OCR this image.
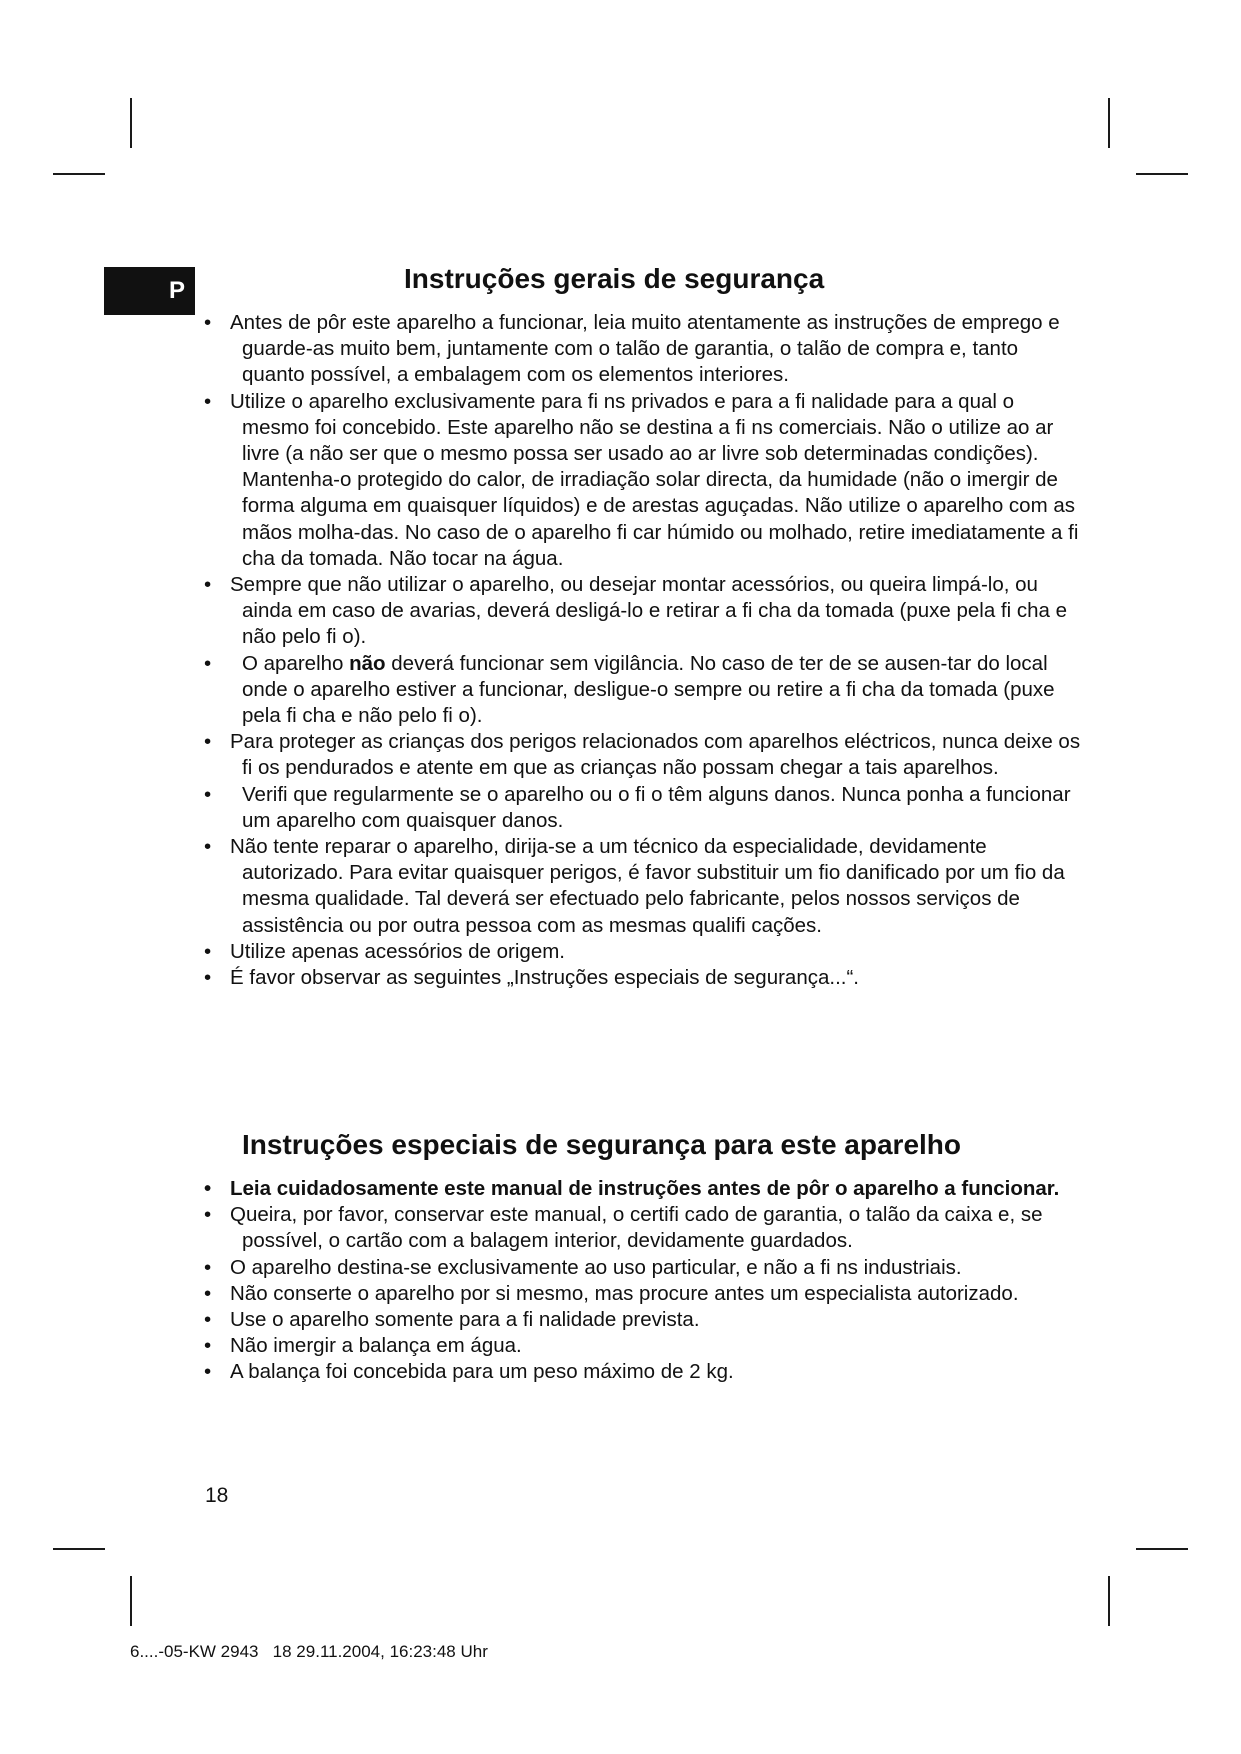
P	Instruções gerais de segurança
• Antes de pôr este aparelho a funcionar, leia muito atentamente as instruções de emprego e guarde-as muito bem, juntamente com o talão de garantia, o talão de compra e, tanto quanto possível, a embalagem com os elementos interiores.
• Utilize o aparelho exclusivamente para fi ns privados e para a fi nalidade para a qual o mesmo foi concebido. Este aparelho não se destina a fi ns comerciais. Não o utilize ao ar livre (a não ser que o mesmo possa ser usado ao ar livre sob determinadas condições). Mantenha-o protegido do calor, de irradiação solar directa, da humidade (não o imergir de forma alguma em quaisquer líquidos) e de arestas aguçadas. Não utilize o aparelho com as mãos molha-das. No caso de o aparelho fi car húmido ou molhado, retire imediatamente a fi cha da tomada. Não tocar na água.
• Sempre que não utilizar o aparelho, ou desejar montar acessórios, ou queira limpá-lo, ou ainda em caso de avarias, deverá desligá-lo e retirar a fi cha da tomada (puxe pela fi cha e não pelo fi o).
• O aparelho não deverá funcionar sem vigilância. No caso de ter de se ausen-tar do local onde o aparelho estiver a funcionar, desligue-o sempre ou retire a fi cha da tomada (puxe pela fi cha e não pelo fi o).
• Para proteger as crianças dos perigos relacionados com aparelhos eléctricos, nunca deixe os fi os pendurados e atente em que as crianças não possam chegar a tais aparelhos.
• Verifi que regularmente se o aparelho ou o fi o têm alguns danos. Nunca ponha a funcionar um aparelho com quaisquer danos.
• Não tente reparar o aparelho, dirija-se a um técnico da especialidade, devidamente autorizado. Para evitar quaisquer perigos, é favor substituir um fio danificado por um fio da mesma qualidade. Tal deverá ser efectuado pelo fabricante, pelos nossos serviços de assistência ou por outra pessoa com as mesmas qualifi cações.
• Utilize apenas acessórios de origem.
• É favor observar as seguintes „Instruções especiais de segurança...“.
Instruções especiais de segurança para este aparelho
• Leia cuidadosamente este manual de instruções antes de pôr o aparelho a funcionar.
• Queira, por favor, conservar este manual, o certifi cado de garantia, o talão da caixa e, se possível, o cartão com a balagem interior, devidamente guardados.
• O aparelho destina-se exclusivamente ao uso particular, e não a fi ns industriais.
• Não conserte o aparelho por si mesmo, mas procure antes um especialista autorizado.
• Use o aparelho somente para a fi nalidade prevista.
• Não imergir a balança em água.
• A balança foi concebida para um peso máximo de 2 kg.
18
6....-05-KW 2943   18 29.11.2004, 16:23:48 Uhr
